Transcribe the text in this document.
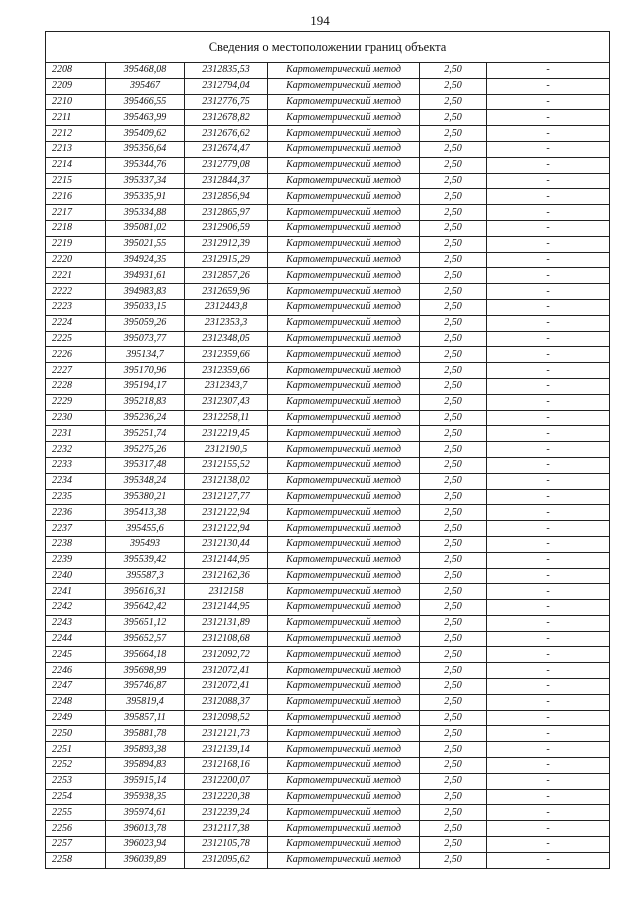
194
Сведения о местоположении границ объекта
2208	395468,08	2312835,53	Картометрический метод	2,50	-
2209	395467	2312794,04	Картометрический метод	2,50	-
2210	395466,55	2312776,75	Картометрический метод	2,50	-
2211	395463,99	2312678,82	Картометрический метод	2,50	-
2212	395409,62	2312676,62	Картометрический метод	2,50	-
2213	395356,64	2312674,47	Картометрический метод	2,50	-
2214	395344,76	2312779,08	Картометрический метод	2,50	-
2215	395337,34	2312844,37	Картометрический метод	2,50	-
2216	395335,91	2312856,94	Картометрический метод	2,50	-
2217	395334,88	2312865,97	Картометрический метод	2,50	-
2218	395081,02	2312906,59	Картометрический метод	2,50	-
2219	395021,55	2312912,39	Картометрический метод	2,50	-
2220	394924,35	2312915,29	Картометрический метод	2,50	-
2221	394931,61	2312857,26	Картометрический метод	2,50	-
2222	394983,83	2312659,96	Картометрический метод	2,50	-
2223	395033,15	2312443,8	Картометрический метод	2,50	-
2224	395059,26	2312353,3	Картометрический метод	2,50	-
2225	395073,77	2312348,05	Картометрический метод	2,50	-
2226	395134,7	2312359,66	Картометрический метод	2,50	-
2227	395170,96	2312359,66	Картометрический метод	2,50	-
2228	395194,17	2312343,7	Картометрический метод	2,50	-
2229	395218,83	2312307,43	Картометрический метод	2,50	-
2230	395236,24	2312258,11	Картометрический метод	2,50	-
2231	395251,74	2312219,45	Картометрический метод	2,50	-
2232	395275,26	2312190,5	Картометрический метод	2,50	-
2233	395317,48	2312155,52	Картометрический метод	2,50	-
2234	395348,24	2312138,02	Картометрический метод	2,50	-
2235	395380,21	2312127,77	Картометрический метод	2,50	-
2236	395413,38	2312122,94	Картометрический метод	2,50	-
2237	395455,6	2312122,94	Картометрический метод	2,50	-
2238	395493	2312130,44	Картометрический метод	2,50	-
2239	395539,42	2312144,95	Картометрический метод	2,50	-
2240	395587,3	2312162,36	Картометрический метод	2,50	-
2241	395616,31	2312158	Картометрический метод	2,50	-
2242	395642,42	2312144,95	Картометрический метод	2,50	-
2243	395651,12	2312131,89	Картометрический метод	2,50	-
2244	395652,57	2312108,68	Картометрический метод	2,50	-
2245	395664,18	2312092,72	Картометрический метод	2,50	-
2246	395698,99	2312072,41	Картометрический метод	2,50	-
2247	395746,87	2312072,41	Картометрический метод	2,50	-
2248	395819,4	2312088,37	Картометрический метод	2,50	-
2249	395857,11	2312098,52	Картометрический метод	2,50	-
2250	395881,78	2312121,73	Картометрический метод	2,50	-
2251	395893,38	2312139,14	Картометрический метод	2,50	-
2252	395894,83	2312168,16	Картометрический метод	2,50	-
2253	395915,14	2312200,07	Картометрический метод	2,50	-
2254	395938,35	2312220,38	Картометрический метод	2,50	-
2255	395974,61	2312239,24	Картометрический метод	2,50	-
2256	396013,78	2312117,38	Картометрический метод	2,50	-
2257	396023,94	2312105,78	Картометрический метод	2,50	-
2258	396039,89	2312095,62	Картометрический метод	2,50	-
